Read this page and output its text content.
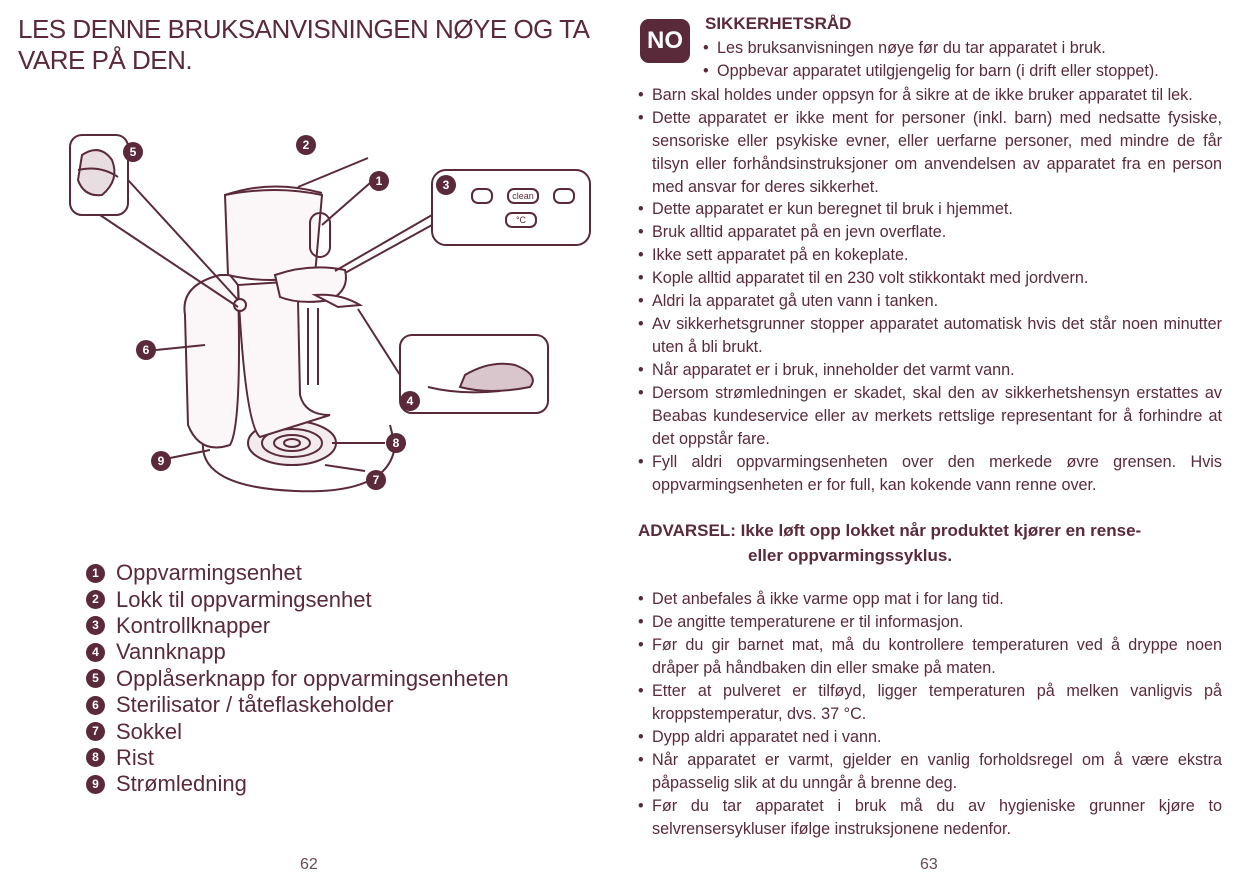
LES DENNE BRUKSANVISNINGEN NØYE OG TA VARE PÅ DEN.
clean
°C
1
2
3
4
5
6
7
8
9
1 Oppvarmingsenhet
2 Lokk til oppvarmingsenhet
3 Kontrollknapper
4 Vannknapp
5 Opplåserknapp for oppvarmingsenheten
6 Sterilisator / tåteflaskeholder
7 Sokkel
8 Rist
9 Strømledning
62
NO
SIKKERHETSRÅD
• Les bruksanvisningen nøye før du tar apparatet i bruk.
• Oppbevar apparatet utilgjengelig for barn (i drift eller stoppet).
• Barn skal holdes under oppsyn for å sikre at de ikke bruker apparatet til lek.
• Dette apparatet er ikke ment for personer (inkl. barn) med nedsatte fysiske, sensoriske eller psykiske evner, eller uerfarne personer, med mindre de får tilsyn eller forhåndsinstruksjoner om anvendelsen av apparatet fra en person med ansvar for deres sikkerhet.
• Dette apparatet er kun beregnet til bruk i hjemmet.
• Bruk alltid apparatet på en jevn overflate.
• Ikke sett apparatet på en kokeplate.
• Kople alltid apparatet til en 230 volt stikkontakt med jordvern.
• Aldri la apparatet gå uten vann i tanken.
• Av sikkerhetsgrunner stopper apparatet automatisk hvis det står noen minutter uten å bli brukt.
• Når apparatet er i bruk, inneholder det varmt vann.
• Dersom strømledningen er skadet, skal den av sikkerhetshensyn erstattes av Beabas kundeservice eller av merkets rettslige representant for å forhindre at det oppstår fare.
• Fyll aldri oppvarmingsenheten over den merkede øvre grensen. Hvis oppvarmingsenheten er for full, kan kokende vann renne over.
ADVARSEL: Ikke løft opp lokket når produktet kjører en rense-
eller oppvarmingssyklus.
• Det anbefales å ikke varme opp mat i for lang tid.
• De angitte temperaturene er til informasjon.
• Før du gir barnet mat, må du kontrollere temperaturen ved å dryppe noen dråper på håndbaken din eller smake på maten.
• Etter at pulveret er tilføyd, ligger temperaturen på melken vanligvis på kroppstemperatur, dvs. 37 °C.
• Dypp aldri apparatet ned i vann.
• Når apparatet er varmt, gjelder en vanlig forholdsregel om å være ekstra påpasselig slik at du unngår å brenne deg.
• Før du tar apparatet i bruk må du av hygieniske grunner kjøre to selvrensersykluser ifølge instruksjonene nedenfor.
63
